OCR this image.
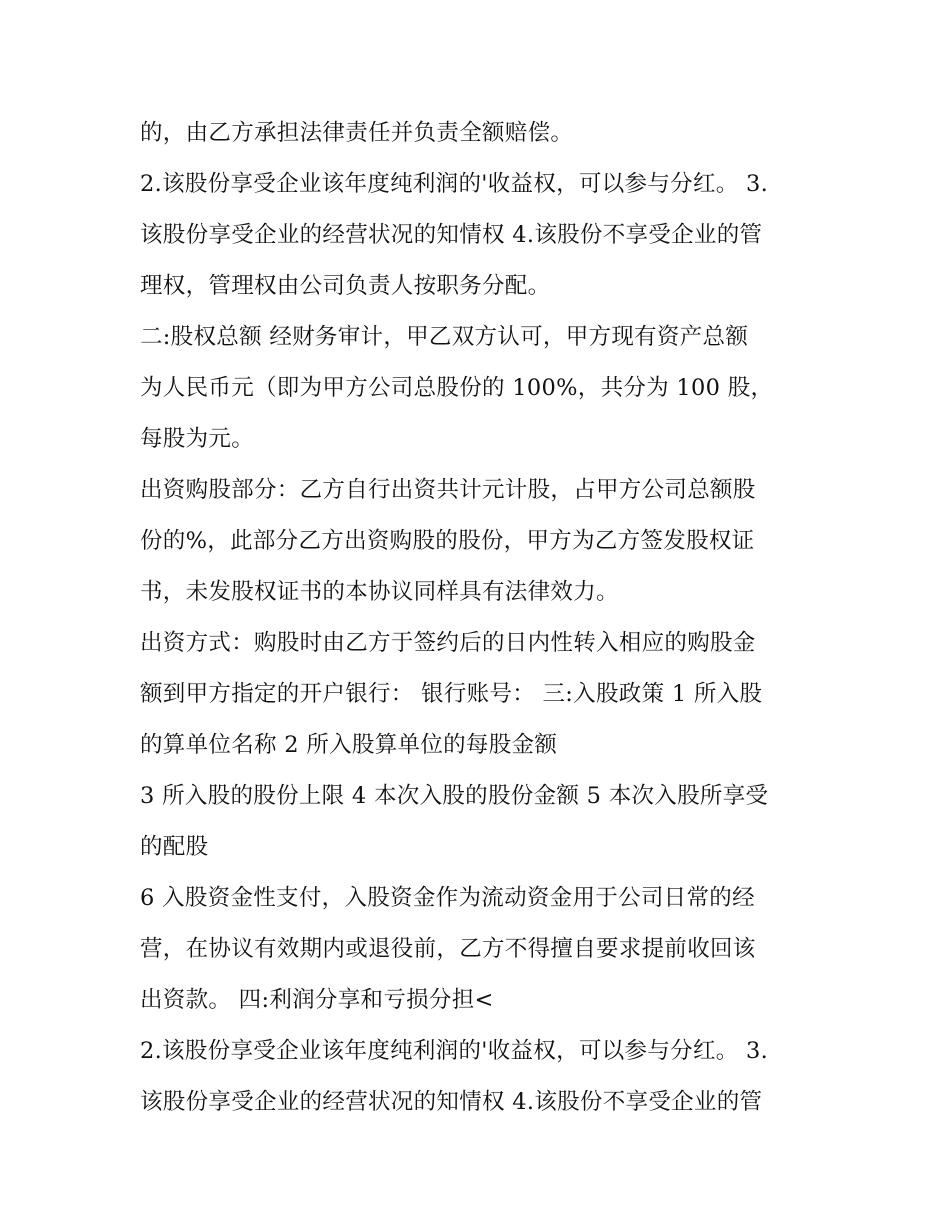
的，由乙方承担法律责任并负责全额赔偿。
2.该股份享受企业该年度纯利润的'收益权，可以参与分红。 3.
该股份享受企业的经营状况的知情权 4.该股份不享受企业的管
理权，管理权由公司负责人按职务分配。
二:股权总额 经财务审计，甲乙双方认可，甲方现有资产总额
为人民币元（即为甲方公司总股份的 100%，共分为 100 股，
每股为元。
出资购股部分：乙方自行出资共计元计股，占甲方公司总额股
份的%，此部分乙方出资购股的股份，甲方为乙方签发股权证
书，未发股权证书的本协议同样具有法律效力。
出资方式：购股时由乙方于签约后的日内性转入相应的购股金
额到甲方指定的开户银行： 银行账号： 三:入股政策 1 所入股
的算单位名称 2 所入股算单位的每股金额
3 所入股的股份上限 4 本次入股的股份金额 5 本次入股所享受
的配股
6 入股资金性支付，入股资金作为流动资金用于公司日常的经
营，在协议有效期内或退役前，乙方不得擅自要求提前收回该
出资款。 四:利润分享和亏损分担<
2.该股份享受企业该年度纯利润的'收益权，可以参与分红。 3.
该股份享受企业的经营状况的知情权 4.该股份不享受企业的管
